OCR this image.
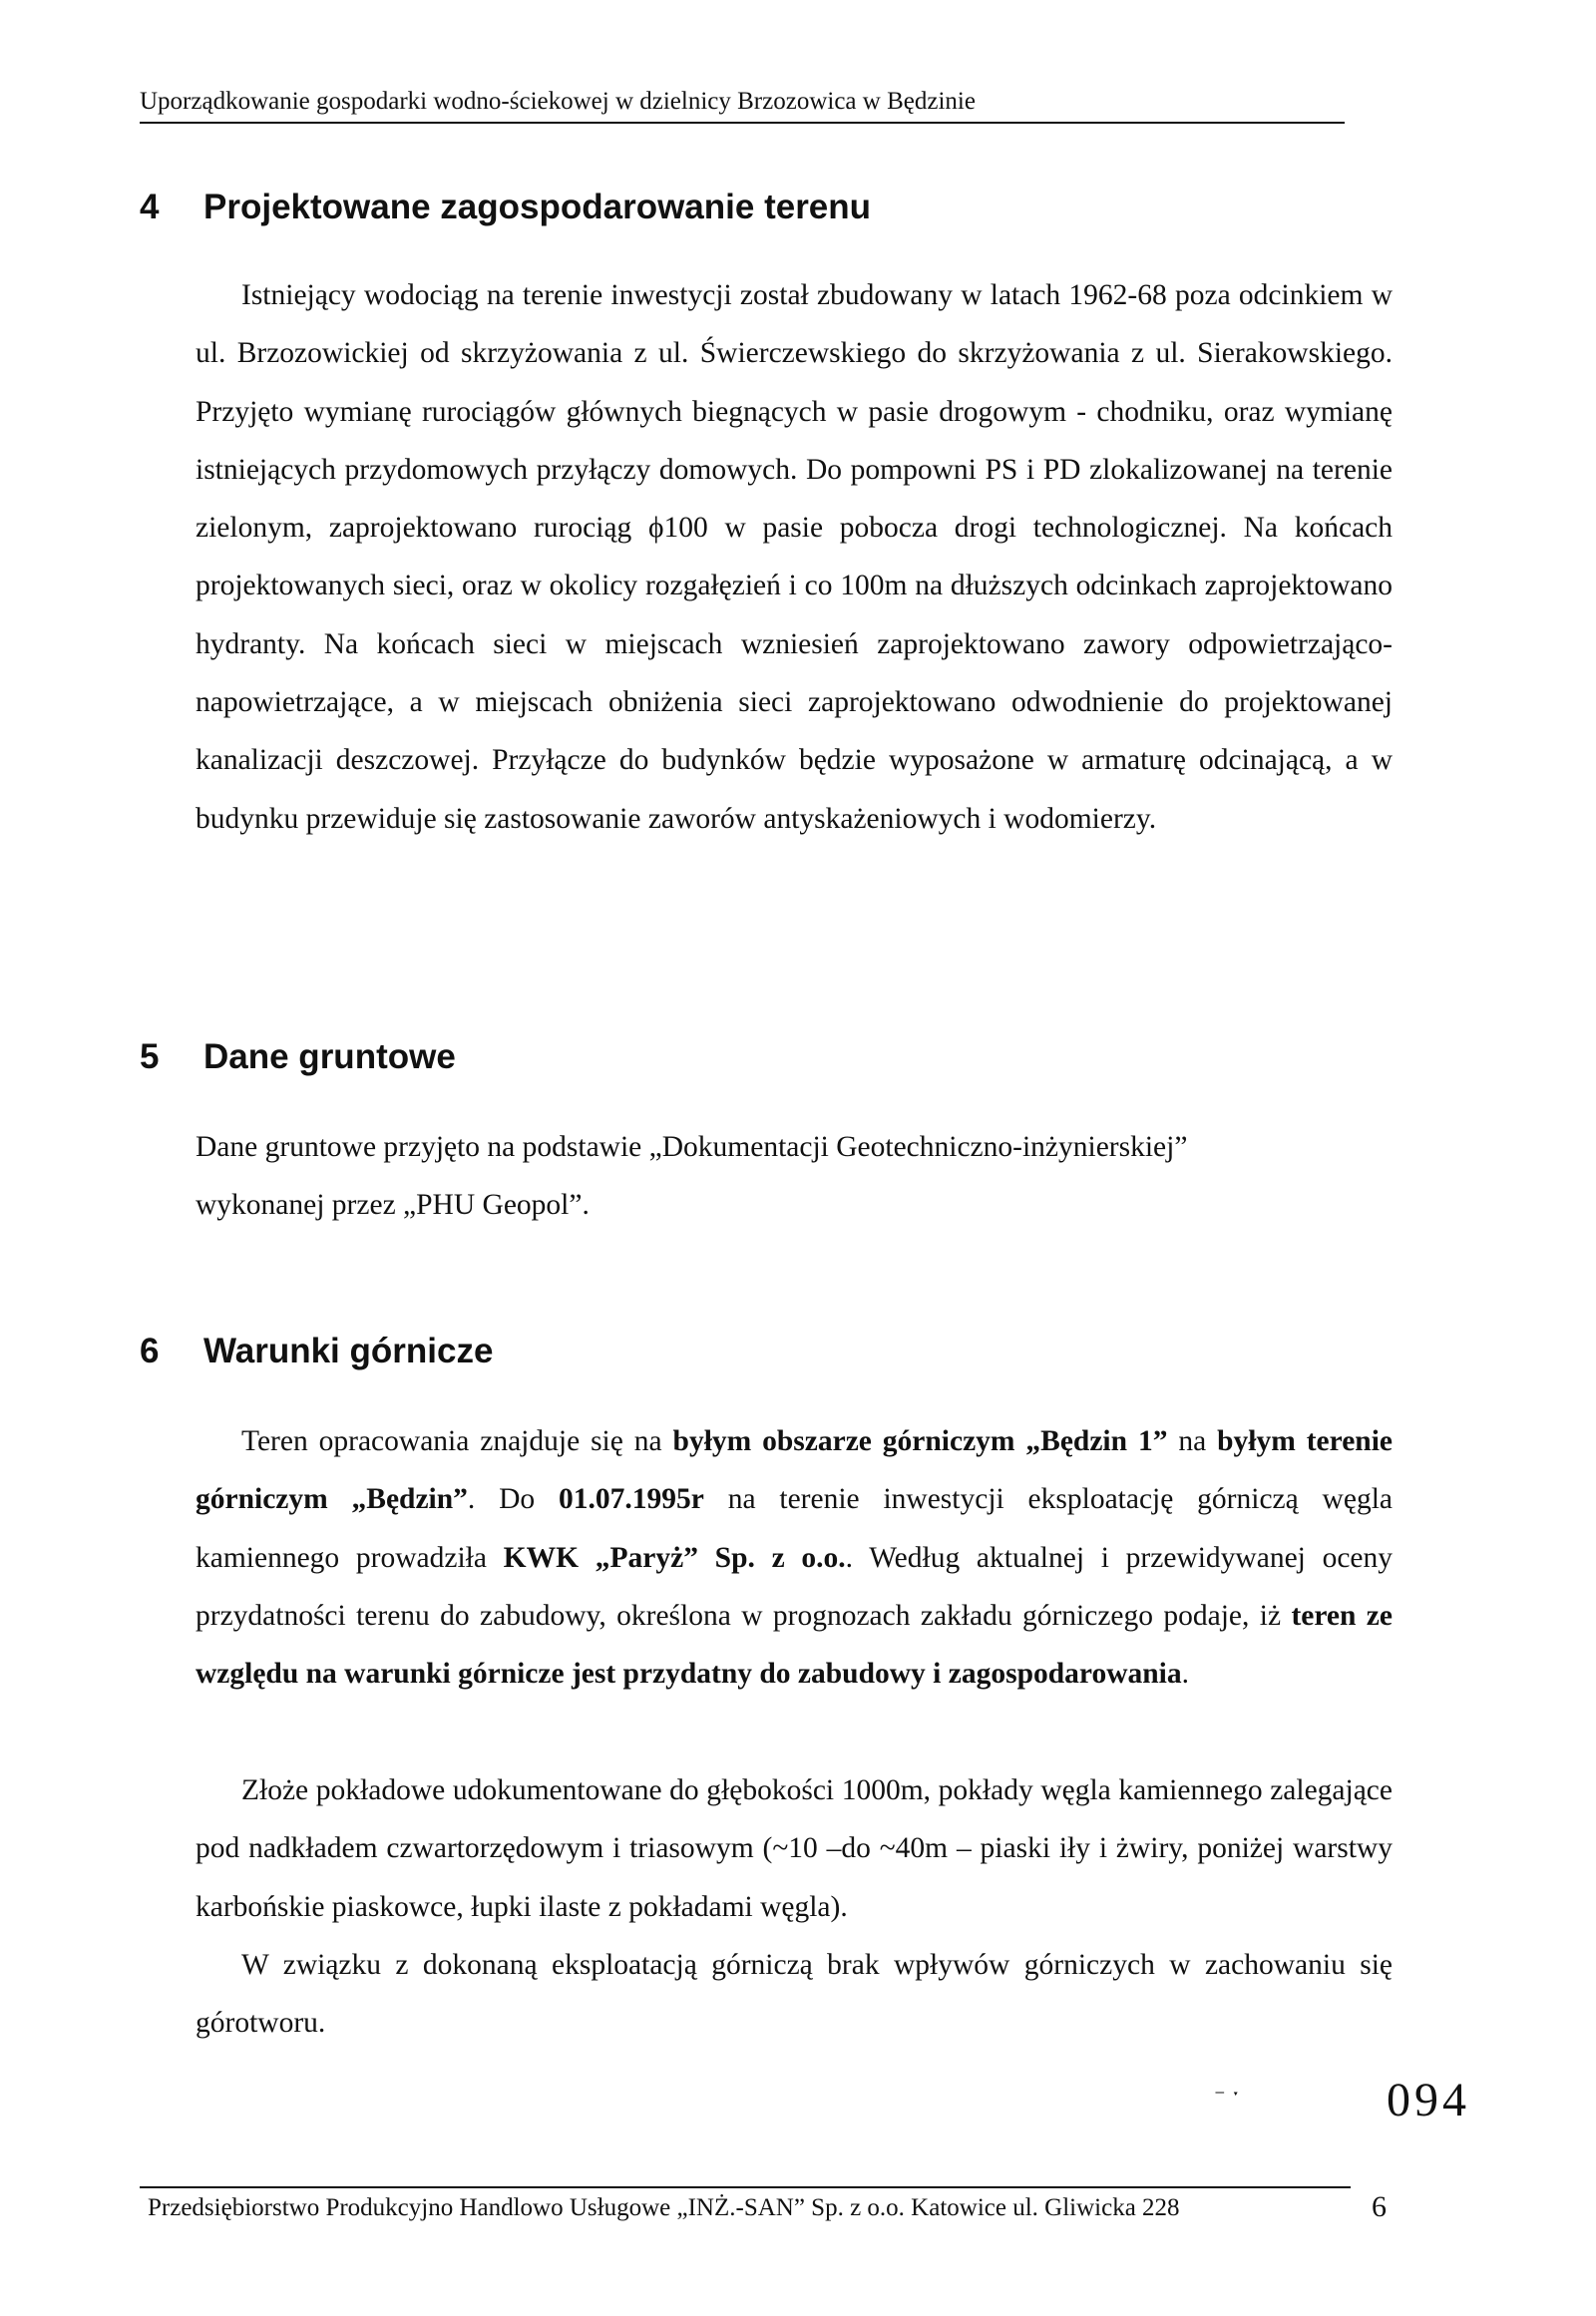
Uporządkowanie gospodarki wodno-ściekowej w dzielnicy Brzozowica w Będzinie
4 Projektowane zagospodarowanie terenu

Istniejący wodociąg na terenie inwestycji został zbudowany w latach 1962-68 poza odcinkiem w ul. Brzozowickiej od skrzyżowania z ul. Świerczewskiego do skrzyżowania z ul. Sierakowskiego. Przyjęto wymianę rurociągów głównych biegnących w pasie drogowym - chodniku, oraz wymianę istniejących przydomowych przyłączy domowych. Do pompowni PS i PD zlokalizowanej na terenie zielonym, zaprojektowano rurociąg ϕ100 w pasie pobocza drogi technologicznej. Na końcach projektowanych sieci, oraz w okolicy rozgałęzień i co 100m na dłuższych odcinkach zaprojektowano hydranty. Na końcach sieci w miejscach wzniesień zaprojektowano zawory odpowietrzająco-napowietrzające, a w miejscach obniżenia sieci zaprojektowano odwodnienie do projektowanej kanalizacji deszczowej. Przyłącze do budynków będzie wyposażone w armaturę odcinającą, a w budynku przewiduje się zastosowanie zaworów antyskażeniowych i wodomierzy.

5 Dane gruntowe

Dane gruntowe przyjęto na podstawie „Dokumentacji Geotechniczno-inżynierskiej” wykonanej przez „PHU Geopol”.

6 Warunki górnicze

Teren opracowania znajduje się na byłym obszarze górniczym „Będzin 1” na byłym terenie górniczym „Będzin”. Do 01.07.1995r na terenie inwestycji eksploatację górniczą węgla kamiennego prowadziła KWK „Paryż” Sp. z o.o.. Według aktualnej i przewidywanej oceny przydatności terenu do zabudowy, określona w prognozach zakładu górniczego podaje, iż teren ze względu na warunki górnicze jest przydatny do zabudowy i zagospodarowania.

Złoże pokładowe udokumentowane do głębokości 1000m, pokłady węgla kamiennego zalegające pod nadkładem czwartorzędowym i triasowym (~10 –do ~40m – piaski iły i żwiry, poniżej warstwy karbońskie piaskowce, łupki ilaste z pokładami węgla).

W związku z dokonaną eksploatacją górniczą brak wpływów górniczych w zachowaniu się górotworu.

⁻ ˑ	094
Przedsiębiorstwo Produkcyjno Handlowo Usługowe „INŻ.-SAN” Sp. z o.o. Katowice ul. Gliwicka 228	6
